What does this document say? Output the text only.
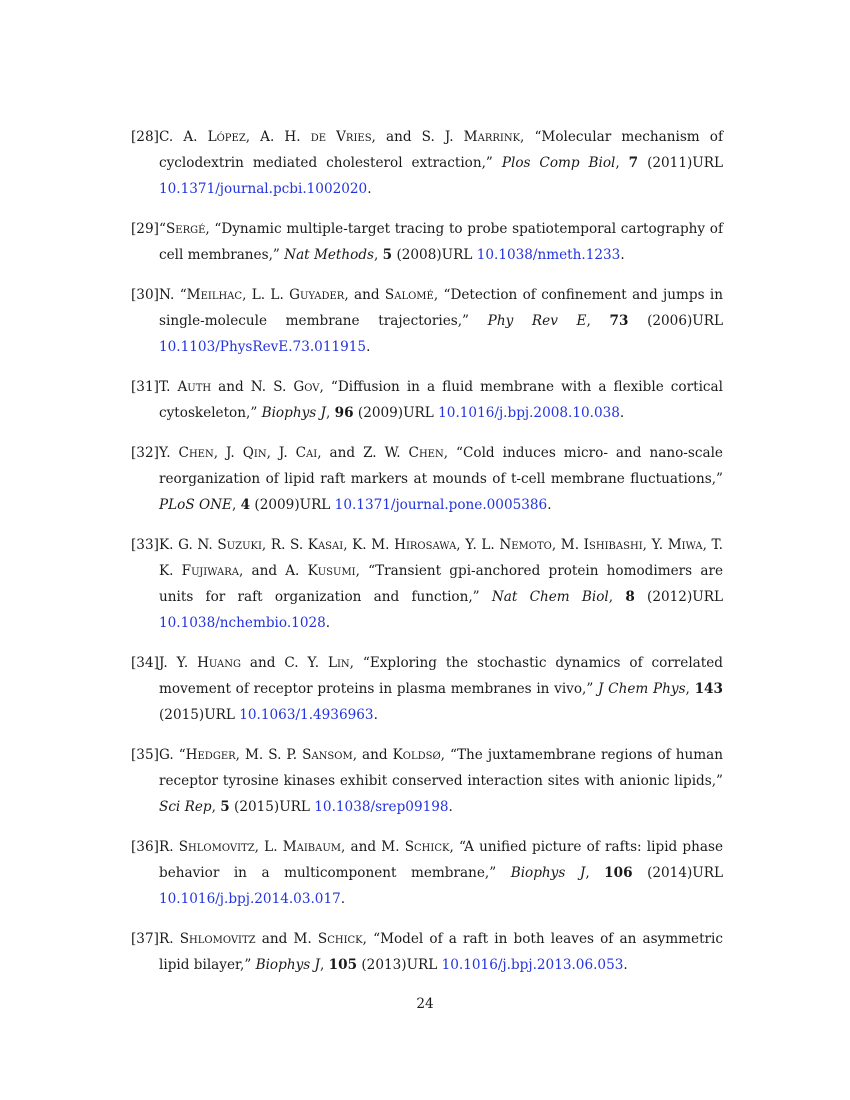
[28] C. A. López, A. H. de Vries, and S. J. Marrink, “Molecular mechanism of cyclodextrin mediated cholesterol extraction,” Plos Comp Biol, 7 (2011)URL 10.1371/journal.pcbi.1002020.
[29] “Sergé, “Dynamic multiple-target tracing to probe spatiotemporal cartography of cell membranes,” Nat Methods, 5 (2008)URL 10.1038/nmeth.1233.
[30] N. “Meilhac, L. L. Guyader, and Salomé, “Detection of confinement and jumps in single-molecule membrane trajectories,” Phy Rev E, 73 (2006)URL 10.1103/PhysRevE.73.011915.
[31] T. Auth and N. S. Gov, “Diffusion in a fluid membrane with a flexible cortical cytoskeleton,” Biophys J, 96 (2009)URL 10.1016/j.bpj.2008.10.038.
[32] Y. Chen, J. Qin, J. Cai, and Z. W. Chen, “Cold induces micro- and nano-scale reorganization of lipid raft markers at mounds of t-cell membrane fluctuations,” PLoS ONE, 4 (2009)URL 10.1371/journal.pone.0005386.
[33] K. G. N. Suzuki, R. S. Kasai, K. M. Hirosawa, Y. L. Nemoto, M. Ishibashi, Y. Miwa, T. K. Fujiwara, and A. Kusumi, “Transient gpi-anchored protein homodimers are units for raft organization and function,” Nat Chem Biol, 8 (2012)URL 10.1038/nchembio.1028.
[34] J. Y. Huang and C. Y. Lin, “Exploring the stochastic dynamics of correlated movement of receptor proteins in plasma membranes in vivo,” J Chem Phys, 143 (2015)URL 10.1063/1.4936963.
[35] G. “Hedger, M. S. P. Sansom, and Koldsø, “The juxtamembrane regions of human receptor tyrosine kinases exhibit conserved interaction sites with anionic lipids,” Sci Rep, 5 (2015)URL 10.1038/srep09198.
[36] R. Shlomovitz, L. Maibaum, and M. Schick, “A unified picture of rafts: lipid phase behavior in a multicomponent membrane,” Biophys J, 106 (2014)URL 10.1016/j.bpj.2014.03.017.
[37] R. Shlomovitz and M. Schick, “Model of a raft in both leaves of an asymmetric lipid bilayer,” Biophys J, 105 (2013)URL 10.1016/j.bpj.2013.06.053.
24
